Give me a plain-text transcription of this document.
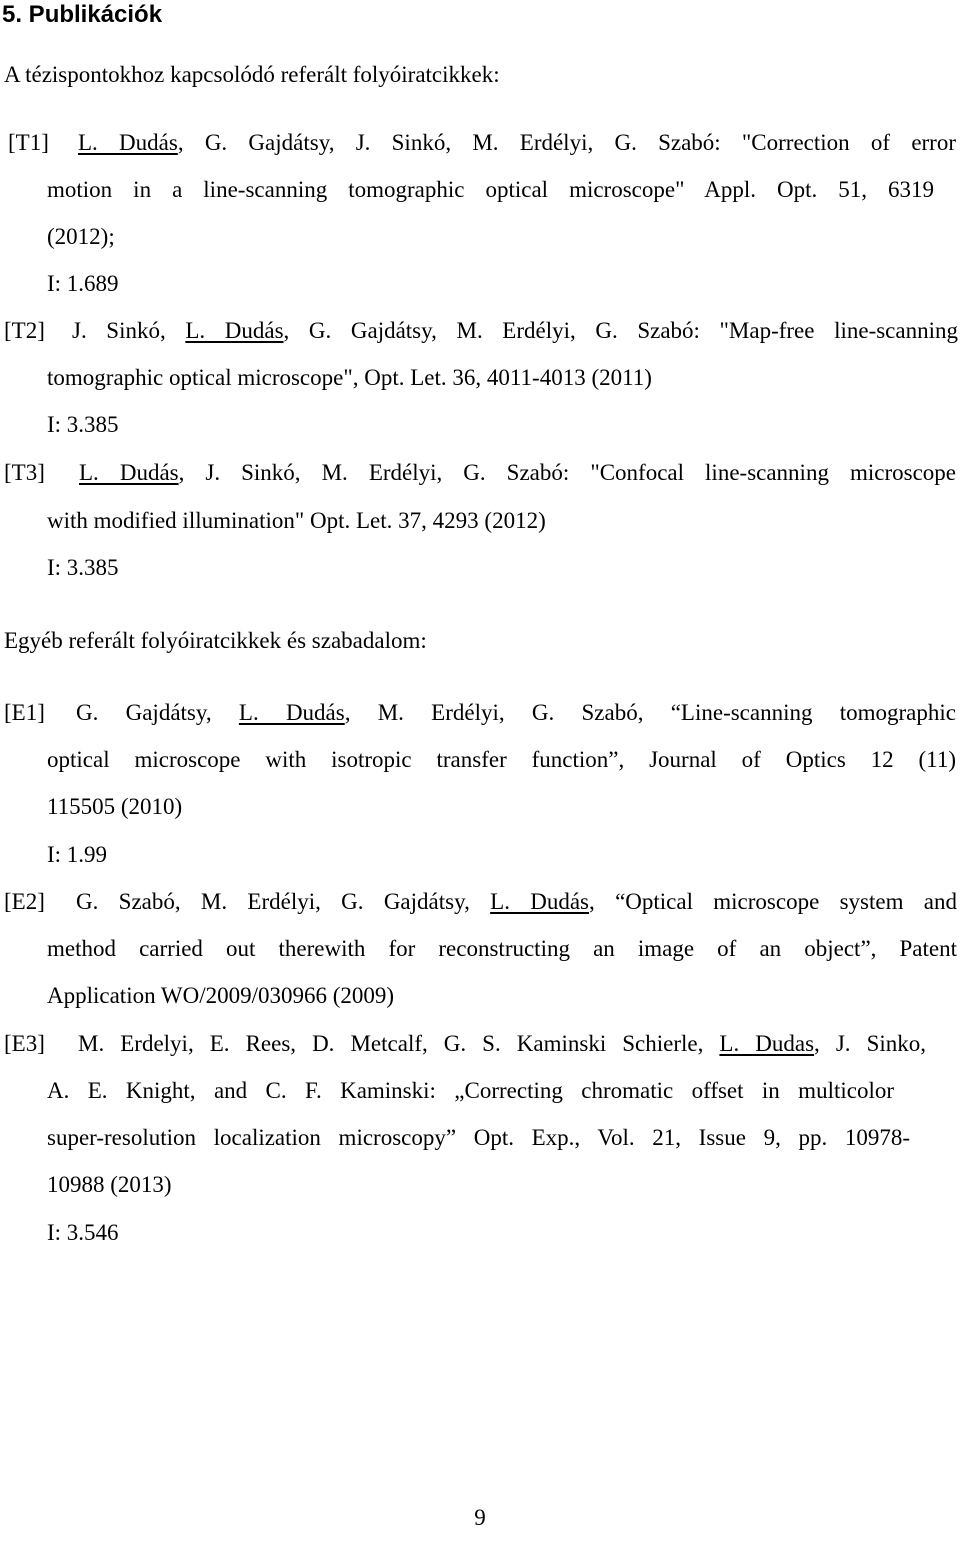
5. Publikációk
A tézispontokhoz kapcsolódó referált folyóiratcikkek:
[T1] L. Dudás, G. Gajdátsy, J. Sinkó, M. Erdélyi, G. Szabó: "Correction of error
motion in a line-scanning tomographic optical microscope" Appl. Opt. 51, 6319
(2012);
I: 1.689
[T2] J. Sinkó, L. Dudás, G. Gajdátsy, M. Erdélyi, G. Szabó: "Map-free line-scanning
tomographic optical microscope", Opt. Let. 36, 4011-4013 (2011)
I: 3.385
[T3] L. Dudás, J. Sinkó, M. Erdélyi, G. Szabó: "Confocal line-scanning microscope
with modified illumination" Opt. Let. 37, 4293 (2012)
I: 3.385
Egyéb referált folyóiratcikkek és szabadalom:
[E1] G. Gajdátsy, L. Dudás, M. Erdélyi, G. Szabó, “Line-scanning tomographic
optical microscope with isotropic transfer function”, Journal of Optics 12 (11)
115505 (2010)
I: 1.99
[E2] G. Szabó, M. Erdélyi, G. Gajdátsy, L. Dudás, “Optical microscope system and
method carried out therewith for reconstructing an image of an object”, Patent
Application WO/2009/030966 (2009)
[E3] M. Erdelyi, E. Rees, D. Metcalf, G. S. Kaminski Schierle, L. Dudas, J. Sinko,
A. E. Knight, and C. F. Kaminski: „Correcting chromatic offset in multicolor
super-resolution localization microscopy” Opt. Exp., Vol. 21, Issue 9, pp. 10978-
10988 (2013)
I: 3.546
9
